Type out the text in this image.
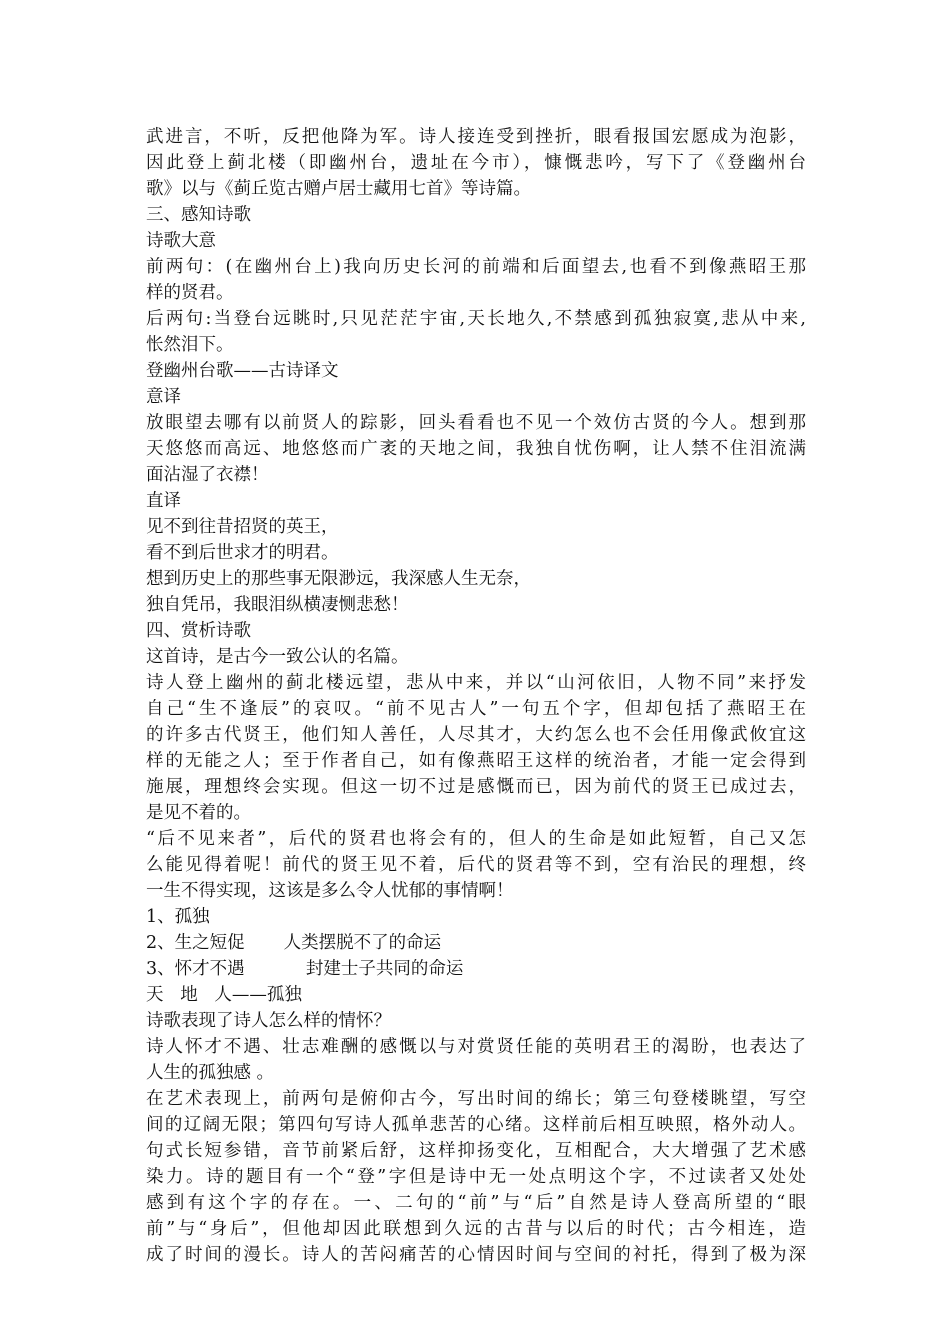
武进言，不听，反把他降为军。诗人接连受到挫折，眼看报国宏愿成为泡影，
因此登上蓟北楼（即幽州台，遗址在今市），慷慨悲吟，写下了《登幽州台
歌》以与《蓟丘览古赠卢居士藏用七首》等诗篇。
三、感知诗歌
诗歌大意
前两句：(在幽州台上)我向历史长河的前端和后面望去,也看不到像燕昭王那
样的贤君。
后两句:当登台远眺时,只见茫茫宇宙,天长地久,不禁感到孤独寂寞,悲从中来,
怅然泪下。
登幽州台歌——古诗译文
意译
放眼望去哪有以前贤人的踪影，回头看看也不见一个效仿古贤的今人。想到那
天悠悠而高远、地悠悠而广袤的天地之间，我独自忧伤啊，让人禁不住泪流满
面沾湿了衣襟！
直译
见不到往昔招贤的英王，
看不到后世求才的明君。
想到历史上的那些事无限渺远，我深感人生无奈，
独自凭吊，我眼泪纵横凄恻悲愁！
四、赏析诗歌
这首诗，是古今一致公认的名篇。
诗人登上幽州的蓟北楼远望，悲从中来，并以“山河依旧，人物不同”来抒发
自己“生不逢辰”的哀叹。“前不见古人”一句五个字，但却包括了燕昭王在
的许多古代贤王，他们知人善任，人尽其才，大约怎么也不会任用像武攸宜这
样的无能之人；至于作者自己，如有像燕昭王这样的统治者，才能一定会得到
施展，理想终会实现。但这一切不过是感慨而已，因为前代的贤王已成过去，
是见不着的。
“后不见来者”，后代的贤君也将会有的，但人的生命是如此短暂，自己又怎
么能见得着呢！前代的贤王见不着，后代的贤君等不到，空有治民的理想，终
一生不得实现，这该是多么令人忧郁的事情啊！
1、孤独
2、生之短促       人类摆脱不了的命运
3、怀才不遇           封建士子共同的命运
天   地   人——孤独
诗歌表现了诗人怎么样的情怀？
诗人怀才不遇、壮志难酬的感慨以与对赏贤任能的英明君王的渴盼，也表达了
人生的孤独感 。
在艺术表现上，前两句是俯仰古今，写出时间的绵长；第三句登楼眺望，写空
间的辽阔无限；第四句写诗人孤单悲苦的心绪。这样前后相互映照，格外动人。
句式长短参错，音节前紧后舒，这样抑扬变化，互相配合，大大增强了艺术感
染力。诗的题目有一个“登”字但是诗中无一处点明这个字，不过读者又处处
感到有这个字的存在。一、二句的“前”与“后”自然是诗人登高所望的“眼
前”与“身后”，但他却因此联想到久远的古昔与以后的时代；古今相连，造
成了时间的漫长。诗人的苦闷痛苦的心情因时间与空间的衬托，得到了极为深
